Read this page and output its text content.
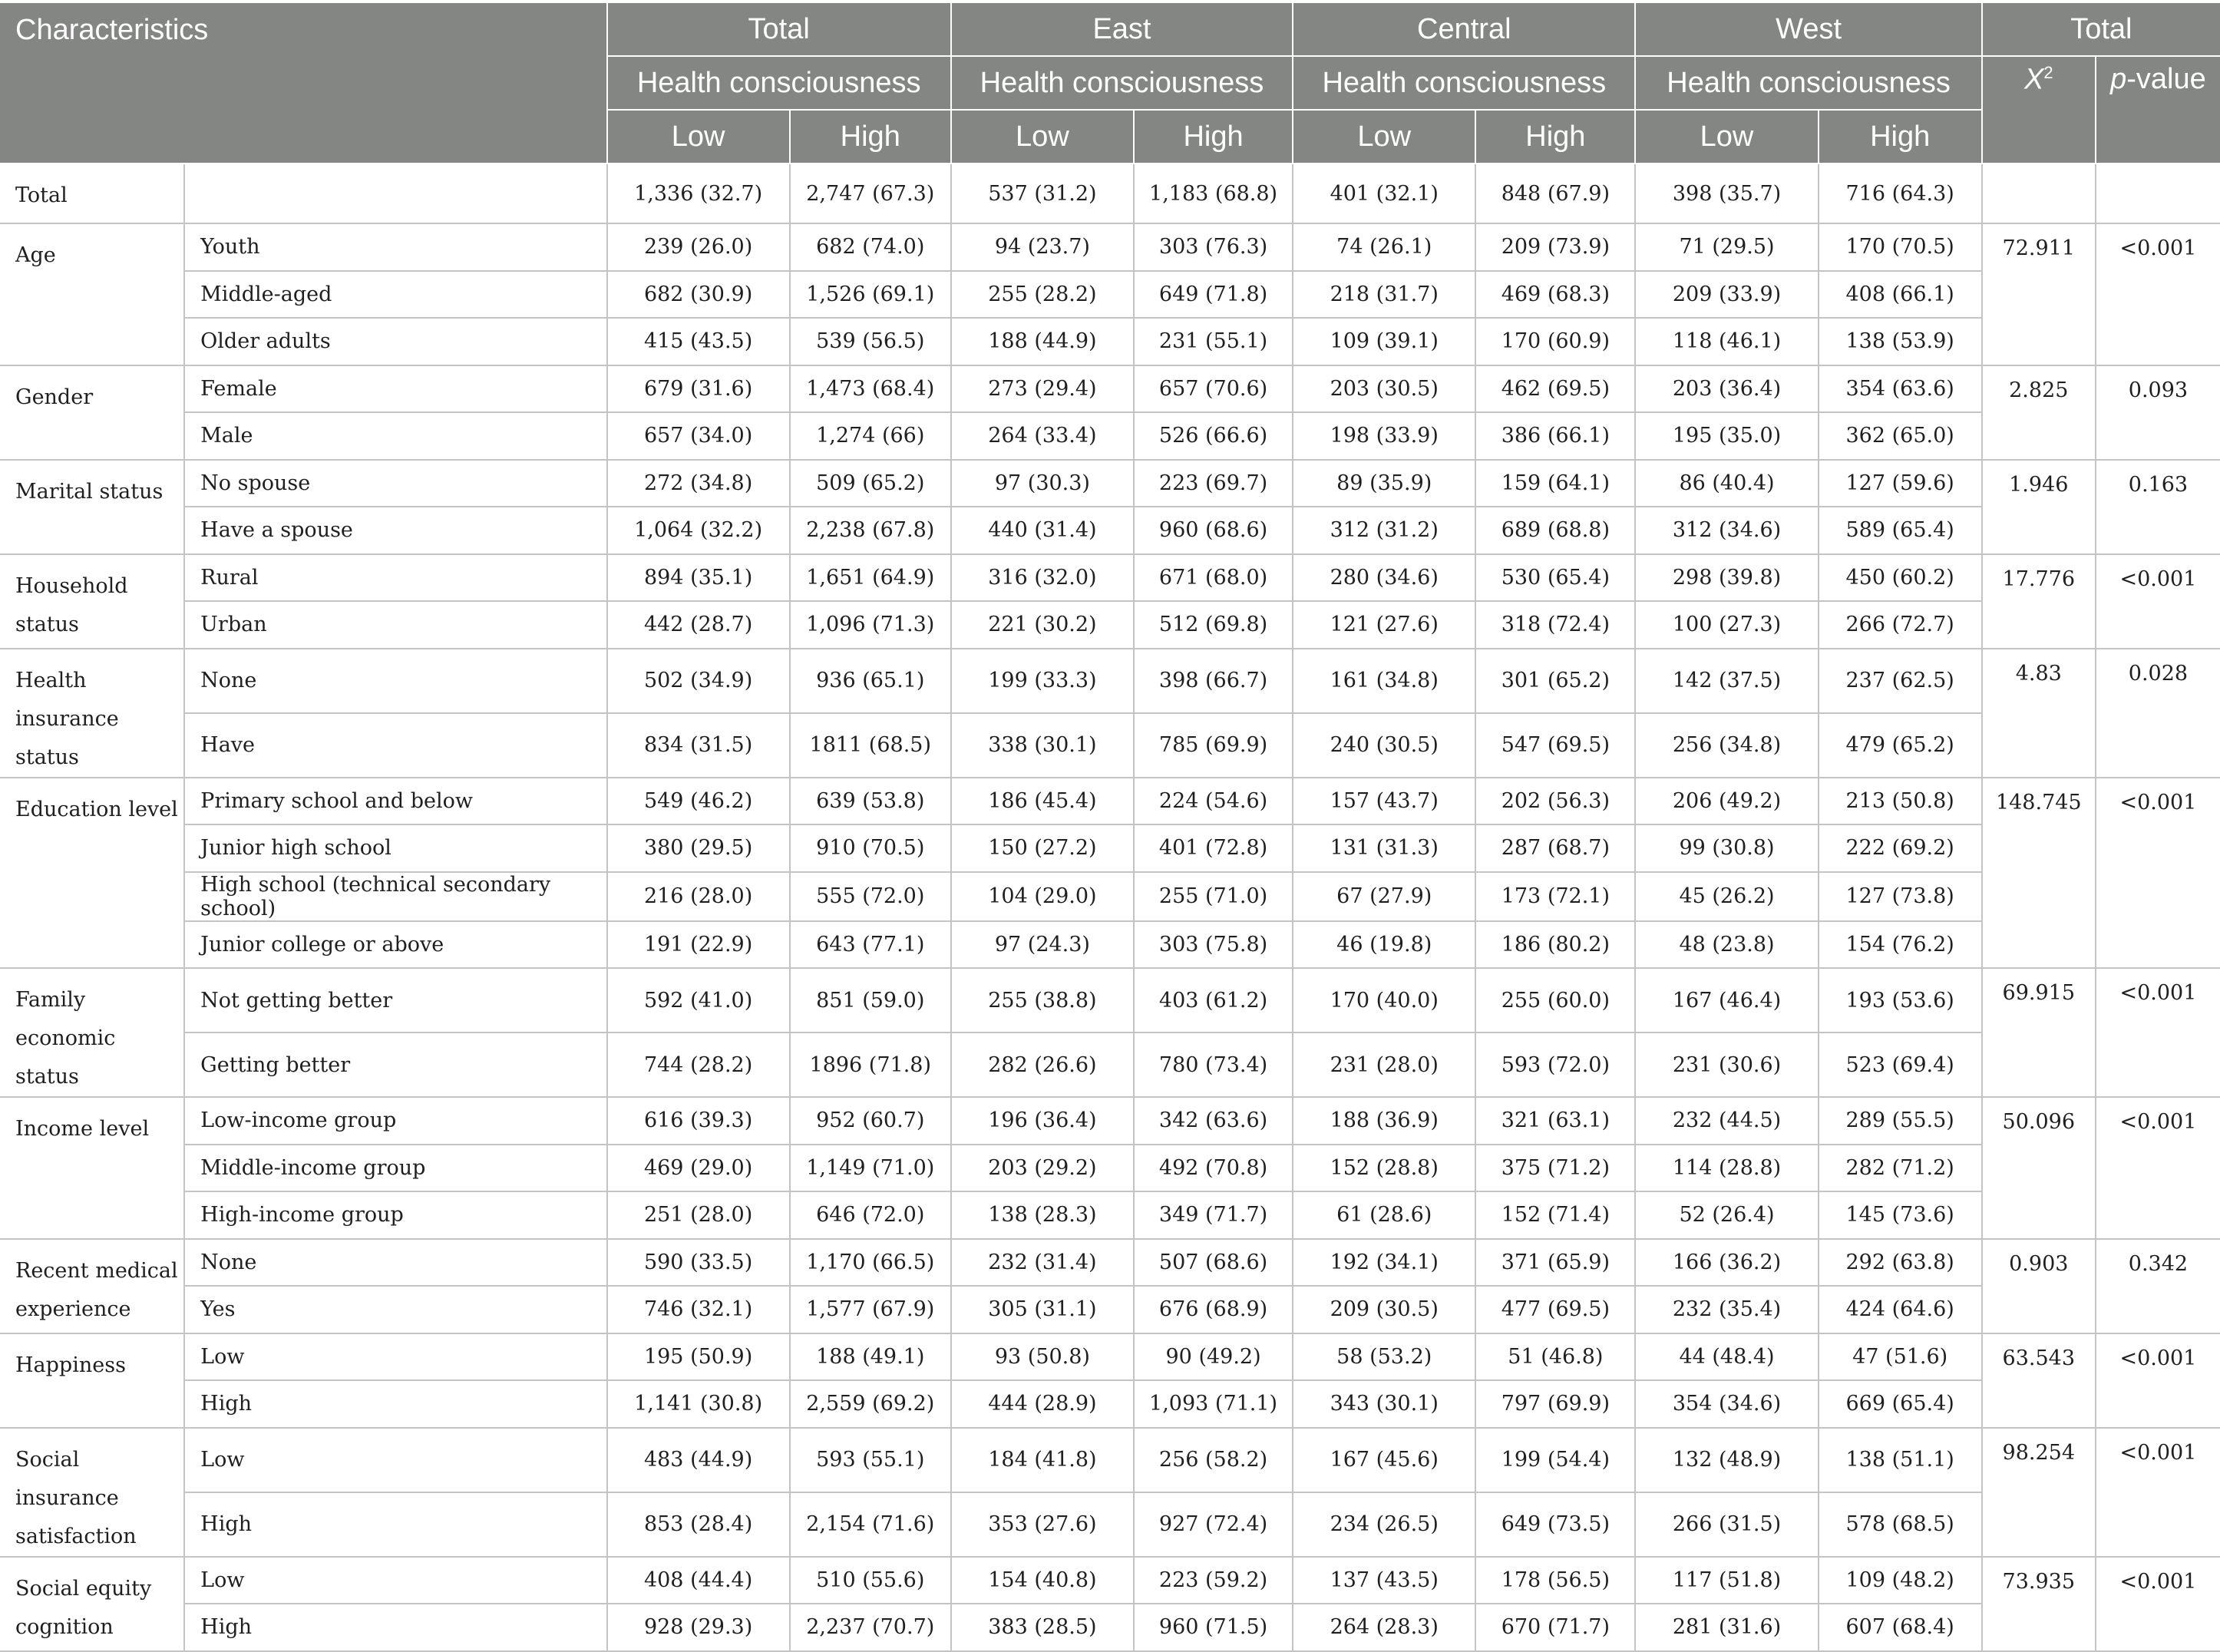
Characteristics		Total		East		Central		West		Total	
		Health consciousness		Health consciousness		Health consciousness		Health consciousness		$X^2$	p-value
		Low	High	Low	High	Low	High	Low	High		
Total		1,336 (32.7)	2,747 (67.3)	537 (31.2)	1,183 (68.8)	401 (32.1)	848 (67.9)	398 (35.7)	716 (64.3)		
Age	Youth	239 (26.0)	682 (74.0)	94 (23.7)	303 (76.3)	74 (26.1)	209 (73.9)	71 (29.5)	170 (70.5)	72.911	<0.001
	Middle-aged	682 (30.9)	1,526 (69.1)	255 (28.2)	649 (71.8)	218 (31.7)	469 (68.3)	209 (33.9)	408 (66.1)		
	Older adults	415 (43.5)	539 (56.5)	188 (44.9)	231 (55.1)	109 (39.1)	170 (60.9)	118 (46.1)	138 (53.9)		
Gender	Female	679 (31.6)	1,473 (68.4)	273 (29.4)	657 (70.6)	203 (30.5)	462 (69.5)	203 (36.4)	354 (63.6)	2.825	0.093
	Male	657 (34.0)	1,274 (66)	264 (33.4)	526 (66.6)	198 (33.9)	386 (66.1)	195 (35.0)	362 (65.0)		
Marital status	No spouse	272 (34.8)	509 (65.2)	97 (30.3)	223 (69.7)	89 (35.9)	159 (64.1)	86 (40.4)	127 (59.6)	1.946	0.163
	Have a spouse	1,064 (32.2)	2,238 (67.8)	440 (31.4)	960 (68.6)	312 (31.2)	689 (68.8)	312 (34.6)	589 (65.4)		
Household status	Rural	894 (35.1)	1,651 (64.9)	316 (32.0)	671 (68.0)	280 (34.6)	530 (65.4)	298 (39.8)	450 (60.2)	17.776	<0.001
	Urban	442 (28.7)	1,096 (71.3)	221 (30.2)	512 (69.8)	121 (27.6)	318 (72.4)	100 (27.3)	266 (72.7)		
Health insurance status	None	502 (34.9)	936 (65.1)	199 (33.3)	398 (66.7)	161 (34.8)	301 (65.2)	142 (37.5)	237 (62.5)	4.83	0.028
	Have	834 (31.5)	1811 (68.5)	338 (30.1)	785 (69.9)	240 (30.5)	547 (69.5)	256 (34.8)	479 (65.2)		
Education level	Primary school and below	549 (46.2)	639 (53.8)	186 (45.4)	224 (54.6)	157 (43.7)	202 (56.3)	206 (49.2)	213 (50.8)	148.745	<0.001
	Junior high school	380 (29.5)	910 (70.5)	150 (27.2)	401 (72.8)	131 (31.3)	287 (68.7)	99 (30.8)	222 (69.2)		
	High school (technical secondary school)	216 (28.0)	555 (72.0)	104 (29.0)	255 (71.0)	67 (27.9)	173 (72.1)	45 (26.2)	127 (73.8)		
	Junior college or above	191 (22.9)	643 (77.1)	97 (24.3)	303 (75.8)	46 (19.8)	186 (80.2)	48 (23.8)	154 (76.2)		
Family economic status	Not getting better	592 (41.0)	851 (59.0)	255 (38.8)	403 (61.2)	170 (40.0)	255 (60.0)	167 (46.4)	193 (53.6)	69.915	<0.001
	Getting better	744 (28.2)	1896 (71.8)	282 (26.6)	780 (73.4)	231 (28.0)	593 (72.0)	231 (30.6)	523 (69.4)		
Income level	Low-income group	616 (39.3)	952 (60.7)	196 (36.4)	342 (63.6)	188 (36.9)	321 (63.1)	232 (44.5)	289 (55.5)	50.096	<0.001
	Middle-income group	469 (29.0)	1,149 (71.0)	203 (29.2)	492 (70.8)	152 (28.8)	375 (71.2)	114 (28.8)	282 (71.2)		
	High-income group	251 (28.0)	646 (72.0)	138 (28.3)	349 (71.7)	61 (28.6)	152 (71.4)	52 (26.4)	145 (73.6)		
Recent medical experience	None	590 (33.5)	1,170 (66.5)	232 (31.4)	507 (68.6)	192 (34.1)	371 (65.9)	166 (36.2)	292 (63.8)	0.903	0.342
	Yes	746 (32.1)	1,577 (67.9)	305 (31.1)	676 (68.9)	209 (30.5)	477 (69.5)	232 (35.4)	424 (64.6)		
Happiness	Low	195 (50.9)	188 (49.1)	93 (50.8)	90 (49.2)	58 (53.2)	51 (46.8)	44 (48.4)	47 (51.6)	63.543	<0.001
	High	1,141 (30.8)	2,559 (69.2)	444 (28.9)	1,093 (71.1)	343 (30.1)	797 (69.9)	354 (34.6)	669 (65.4)		
Social insurance satisfaction	Low	483 (44.9)	593 (55.1)	184 (41.8)	256 (58.2)	167 (45.6)	199 (54.4)	132 (48.9)	138 (51.1)	98.254	<0.001
	High	853 (28.4)	2,154 (71.6)	353 (27.6)	927 (72.4)	234 (26.5)	649 (73.5)	266 (31.5)	578 (68.5)		
Social equity cognition	Low	408 (44.4)	510 (55.6)	154 (40.8)	223 (59.2)	137 (43.5)	178 (56.5)	117 (51.8)	109 (48.2)	73.935	<0.001
	High	928 (29.3)	2,237 (70.7)	383 (28.5)	960 (71.5)	264 (28.3)	670 (71.7)	281 (31.6)	607 (68.4)		
